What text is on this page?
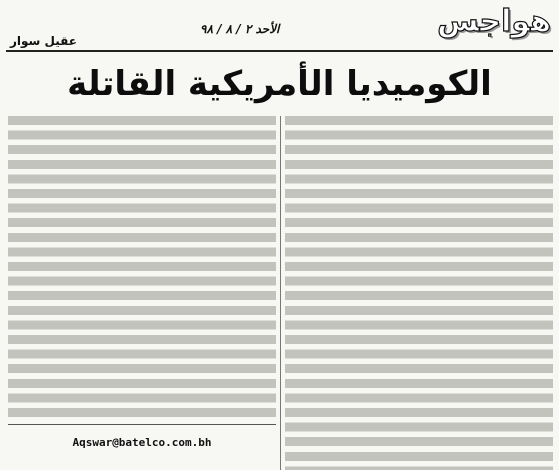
هواجس
الأحد ٢ / ٨ / ٩٨
عقيل سوار
الكوميديا الأمريكية القاتلة
Aqswar@batelco.com.bh
